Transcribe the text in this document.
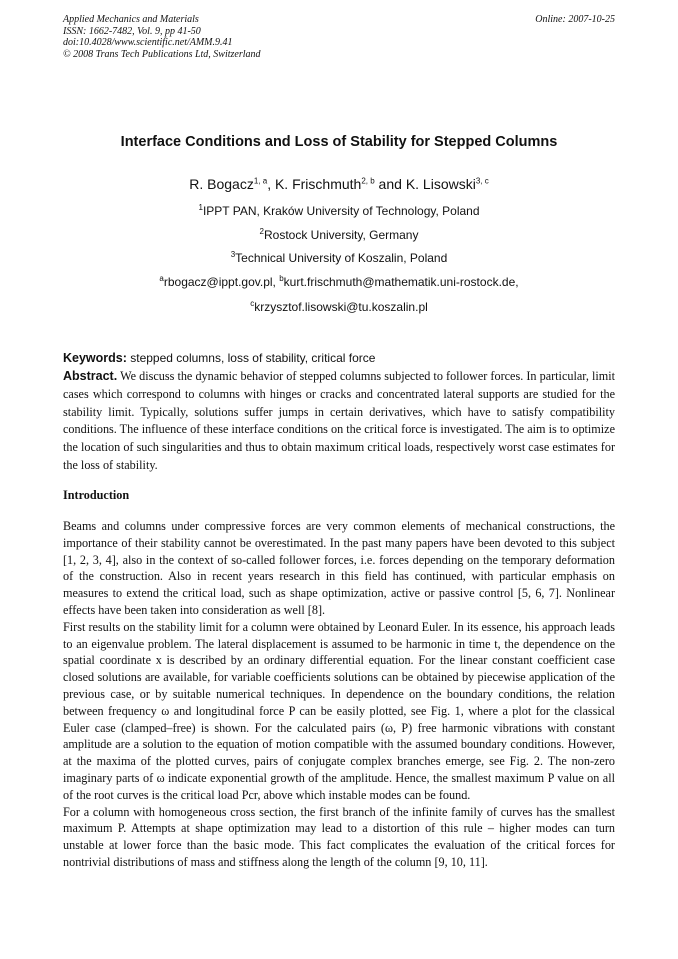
Applied Mechanics and Materials
ISSN: 1662-7482, Vol. 9, pp 41-50
doi:10.4028/www.scientific.net/AMM.9.41
© 2008 Trans Tech Publications Ltd, Switzerland
Online: 2007-10-25
Interface Conditions and Loss of Stability for Stepped Columns
R. Bogacz$^{1, a}$, K. Frischmuth$^{2, b}$ and K. Lisowski$^{3, c}$
$^1$IPPT PAN, Kraków University of Technology, Poland
$^2$Rostock University, Germany
$^3$Technical University of Koszalin, Poland
$^a$rbogacz@ippt.gov.pl, $^b$kurt.frischmuth@mathematik.uni-rostock.de,
$^c$krzysztof.lisowski@tu.koszalin.pl
Keywords: stepped columns, loss of stability, critical force
Abstract. We discuss the dynamic behavior of stepped columns subjected to follower forces. In particular, limit cases which correspond to columns with hinges or cracks and concentrated lateral supports are studied for the stability limit. Typically, solutions suffer jumps in certain derivatives, which have to satisfy compatibility conditions. The influence of these interface conditions on the critical force is investigated. The aim is to optimize the location of such singularities and thus to obtain maximum critical loads, respectively worst case estimates for the loss of stability.
Introduction

Beams and columns under compressive forces are very common elements of mechanical constructions, the importance of their stability cannot be overestimated. In the past many papers have been devoted to this subject [1, 2, 3, 4], also in the context of so-called follower forces, i.e. forces depending on the temporary deformation of the construction. Also in recent years research in this field has continued, with particular emphasis on measures to extend the critical load, such as shape optimization, active or passive control [5, 6, 7]. Nonlinear effects have been taken into consideration as well [8].

First results on the stability limit for a column were obtained by Leonard Euler. In its essence, his approach leads to an eigenvalue problem. The lateral displacement is assumed to be harmonic in time t, the dependence on the spatial coordinate x is described by an ordinary differential equation. For the linear constant coefficient case closed solutions are available, for variable coefficients solutions can be obtained by piecewise application of the previous case, or by suitable numerical techniques. In dependence on the boundary conditions, the relation between frequency ω and longitudinal force P can be easily plotted, see Fig. 1, where a plot for the classical Euler case (clamped–free) is shown. For the calculated pairs (ω, P) free harmonic vibrations with constant amplitude are a solution to the equation of motion compatible with the assumed boundary conditions. However, at the maxima of the plotted curves, pairs of conjugate complex branches emerge, see Fig. 2. The non-zero imaginary parts of ω indicate exponential growth of the amplitude. Hence, the smallest maximum P value on all of the root curves is the critical load Pcr, above which instable modes can be found.

For a column with homogeneous cross section, the first branch of the infinite family of curves has the smallest maximum P. Attempts at shape optimization may lead to a distortion of this rule – higher modes can turn unstable at lower force than the basic mode. This fact complicates the evaluation of the critical forces for nontrivial distributions of mass and stiffness along the length of the column [9, 10, 11].
